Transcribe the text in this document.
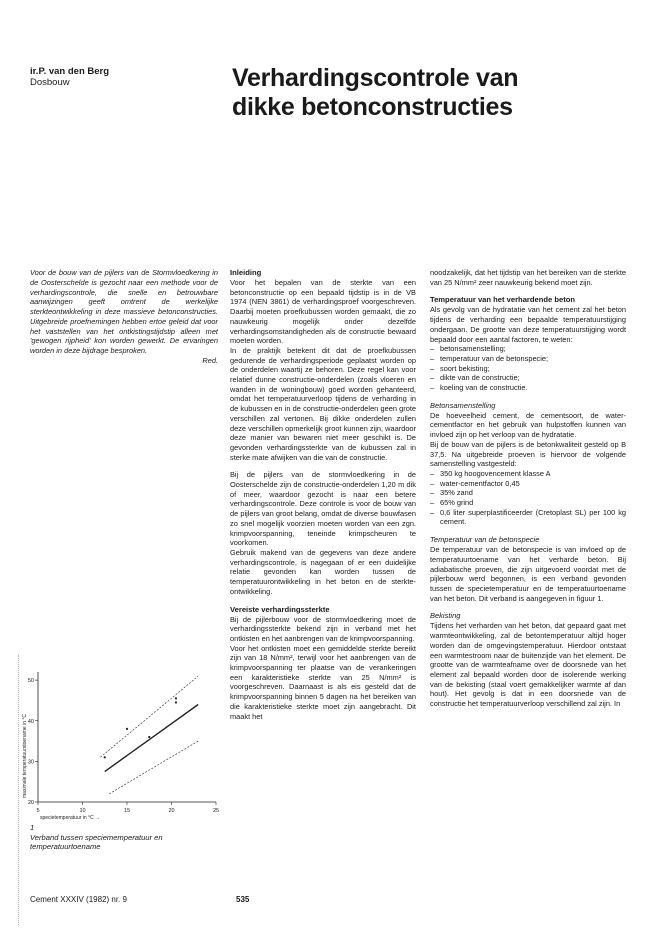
ir.P. van den Berg
Dosbouw	Verhardingscontrole van
dikke betonconstructies
Voor de bouw van de pijlers van de Stormvloedkering in de Oosterschelde is gezocht naar een methode voor de verhardingscontrole, die snelle en betrouwbare aanwijzingen geeft omtrent de werkelijke sterkteontwikkeling in deze massieve betonconstructies. Uitgebreide proefnemingen hebben ertoe geleid dat voor het vaststellen van het ontkistingstijdstip alleen met 'gewogen rijpheid' kon worden gewerkt. De ervaringen worden in deze bijdrage besproken.
Red.
Inleiding

Voor het bepalen van de sterkte van een betonconstructie op een bepaald tijdstip is in de VB 1974 (NEN 3861) de verhardingsproef voorgeschreven. Daarbij moeten proefkubussen worden gemaakt, die zo nauwkeurig mogelijk onder dezelfde verhardingsomstandigheden als de constructie bewaard moeten worden.

In de praktijk betekent dit dat de proefkubussen gedurende de verhardingsperiode geplaatst worden op de onderdelen waartij ze behoren. Deze regel kan voor relatief dunne constructie-onderdelen (zoals vloeren en wanden in de woningbouw) goed worden gehanteerd, omdat het temperatuurverloop tijdens de verharding in de kubussen en in de constructie-onderdelen geen grote verschillen zal vertonen. Bij dikke onderdelen zullen deze verschillen opmerkelijk groot kunnen zijn, waardoor deze manier van bewaren niet meer geschikt is. De gevonden verhardingssterkte van de kubussen zal in sterke mate afwijken van die van de constructie.

Bij de pijlers van de stormvloedkering in de Oosterschelde zijn de constructie-onderdelen 1,20 m dik of meer, waardoor gezocht is naar een betere verhardingscontrole. Deze controle is voor de bouw van de pijlers van groot belang, omdat de diverse bouwfasen zo snel mogelijk voorzien moeten worden van een zgn. krimpvoorspanning, teneinde krimpscheuren te voorkomen.

Gebruik makend van de gegevens van deze andere verhardingscontrole, is nagegaan of er een duidelijke relatie gevonden kan worden tussen de temperatuurontwikkeling in het beton en de sterkte-ontwikkeling.

Vereiste verhardingssterkte

Bij de pijlerbouw voor de stormvloedkering moet de verhardingssterkte bekend zijn in verband met het ontkisten en het aanbrengen van de krimpvoorspanning.

Voor het ontkisten moet een gemiddelde sterkte bereikt zijn van 18 N/mm², terwijl voor het aanbrengen van de krimpvoorspanning ter plaatse van de verankeringen een karakteristieke sterkte van 25 N/mm² is voorgeschreven. Daarnaast is als eis gesteld dat de krimpvoorspanning binnen 5 dagen na het bereiken van die karakteristieke sterkte moet zijn aangebracht. Dit maakt het

noodzakelijk, dat het tijdstip van het bereiken van de sterkte van 25 N/mm² zeer nauwkeurig bekend moet zijn.

Temperatuur van het verhardende beton

Als gevolg van de hydratatie van het cement zal het beton tijdens de verharding een bepaalde temperatuurstijging ondergaan. De grootte van deze temperatuurstijging wordt bepaald door een aantal factoren, te weten:

– betonsamenstelling;
– temperatuur van de betonspecie;
– soort bekisting;
– dikte van de constructie;
– koeling van de constructie.
Betonsamenstelling

De hoeveelheid cement, de cementsoort, de water-cementfactor en het gebruik van hulpstoffen kunnen van invloed zijn op het verloop van de hydratatie.

Bij de bouw van de pijlers is de betonkwaliteit gesteld op B 37,5. Na uitgebreide proeven is hiervoor de volgende samenstelling vastgesteld:

– 350 kg hoogovencement klasse A
– water-cementfactor 0,45
– 35% zand
– 65% grind
– 0,6 liter superplastificeerder (Cretoplast SL) per 100 kg cement.
Temperatuur van de betonspecie

De temperatuur van de betonspecie is van invloed op de temperatuurtoename van het verharde beton. Bij adiabatische proeven, die zijn uitgevoerd voordat met de pijlerbouw werd begonnen, is een verband gevonden tussen de specietemperatuur en de temperatuurtoename van het beton. Dit verband is aangegeven in figuur 1.

Bekisting

Tijdens het verharden van het beton, dat gepaard gaat met warmteontwikkeling, zal de betontemperatuur altijd hoger worden dan de omgevingstemperatuur. Hierdoor ontstaat een warmtestroom naar de buitenzijde van het element. De grootte van de warmteafname over de doorsnede van het element zal bepaald worden door de isolerende werking van de bekisting (staal voert gemakkelijker warmte af dan hout). Het gevolg is dat in een doorsnede van de constructie het temperatuurverloop verschillend zal zijn. In

5	10	15	20	25
20
30
40
50
specietemperatuur in °C →
maximale temperatuurstoename in °C
1
Verband tussen speciетemperatuur en temperatuurtoename
Cement XXXIV (1982) nr. 9	535
